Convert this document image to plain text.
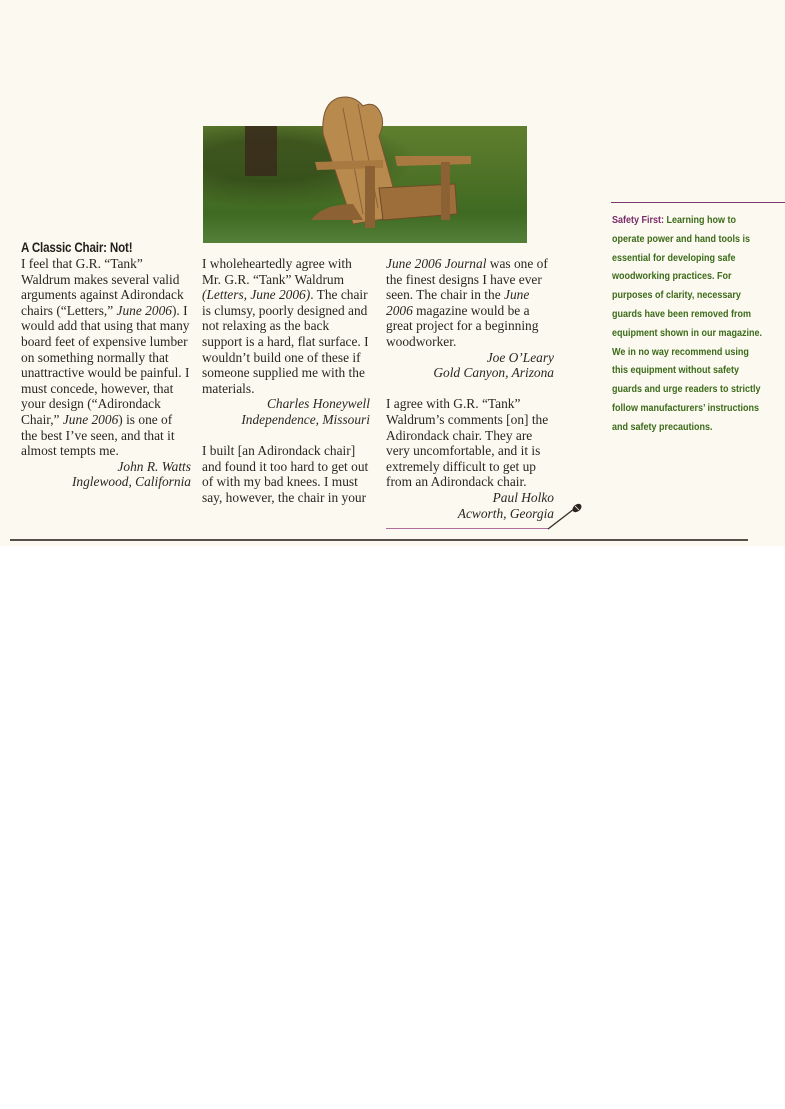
A Classic Chair: Not!

I feel that G.R. “Tank” Waldrum makes several valid arguments against Adirondack chairs (“Letters,” June 2006). I would add that using that many board feet of expensive lumber on something normally that unattractive would be painful. I must concede, however, that your design (“Adirondack Chair,” June 2006) is one of the best I’ve seen, and that it almost tempts me.

John R. Watts
Inglewood, California

I wholeheartedly agree with Mr. G.R. “Tank” Waldrum (Letters, June 2006). The chair is clumsy, poorly designed and not relaxing as the back support is a hard, flat surface. I wouldn’t build one of these if someone supplied me with the materials.

Charles Honeywell
Independence, Missouri

I built [an Adirondack chair] and found it too hard to get out of with my bad knees. I must say, however, the chair in your

June 2006 Journal was one of the finest designs I have ever seen. The chair in the June 2006 magazine would be a great project for a beginning woodworker.

Joe O’Leary
Gold Canyon, Arizona

I agree with G.R. “Tank” Waldrum’s comments [on] the Adirondack chair. They are very uncomfortable, and it is extremely difficult to get up from an Adirondack chair.

Paul Holko
Acworth, Georgia
Safety First: Learning how to operate power and hand tools is essential for developing safe woodworking practices. For purposes of clarity, necessary guards have been removed from equipment shown in our magazine. We in no way recommend using this equipment without safety guards and urge readers to strictly follow manufacturers’ instructions and safety precautions.
